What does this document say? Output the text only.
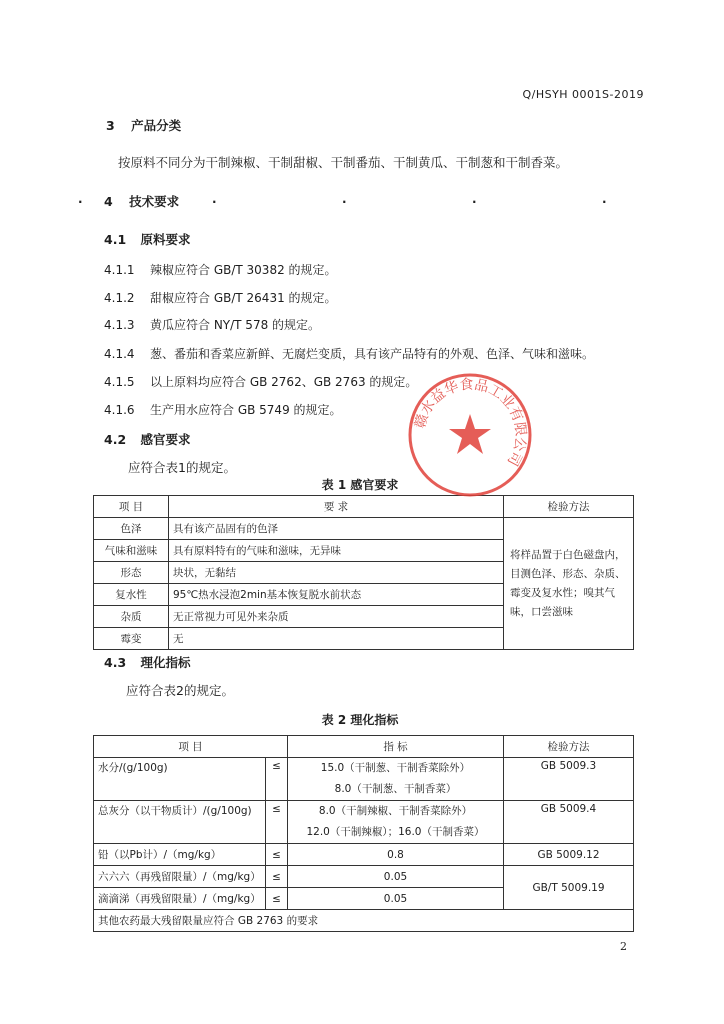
Q/HSYH 0001S-2019
3 产品分类
按原料不同分为干制辣椒、干制甜椒、干制番茄、干制黄瓜、干制葱和干制香菜。
. 4 技术要求	.	.	.	.
4.1 原料要求
4.1.1 辣椒应符合 GB/T 30382 的规定。
4.1.2 甜椒应符合 GB/T 26431 的规定。
4.1.3 黄瓜应符合 NY/T 578 的规定。
4.1.4 葱、番茄和香菜应新鲜、无腐烂变质，具有该产品特有的外观、色泽、气味和滋味。
4.1.5 以上原料均应符合 GB 2762、GB 2763 的规定。
4.1.6 生产用水应符合 GB 5749 的规定。
4.2 感官要求
应符合表1的规定。
表 1 感官要求
项 目	要 求	检验方法
色泽	具有该产品固有的色泽	将样品置于白色磁盘内，目测色泽、形态、杂质、霉变及复水性；嗅其气味，口尝滋味
气味和滋味	具有原料特有的气味和滋味，无异味	
形态	块状，无黏结	
复水性	95℃热水浸泡2min基本恢复脱水前状态	
杂质	无正常视力可见外来杂质	
霉变	无	
4.3 理化指标
应符合表2的规定。
表 2 理化指标
项 目		指 标	检验方法
水分/(g/100g)	≤	15.0（干制葱、干制香菜除外）
8.0（干制葱、干制香菜）	GB 5009.3
总灰分（以干物质计）/(g/100g)	≤	8.0（干制辣椒、干制香菜除外）
12.0（干制辣椒）；16.0（干制香菜）	GB 5009.4
铅（以Pb计）/（mg/kg）	≤	0.8	GB 5009.12
六六六（再残留限量）/（mg/kg）	≤	0.05	GB/T 5009.19
滴滴涕（再残留限量）/（mg/kg）	≤	0.05	
其他农药最大残留限量应符合 GB 2763 的要求			
赣水益华食品工业有限公司
2
